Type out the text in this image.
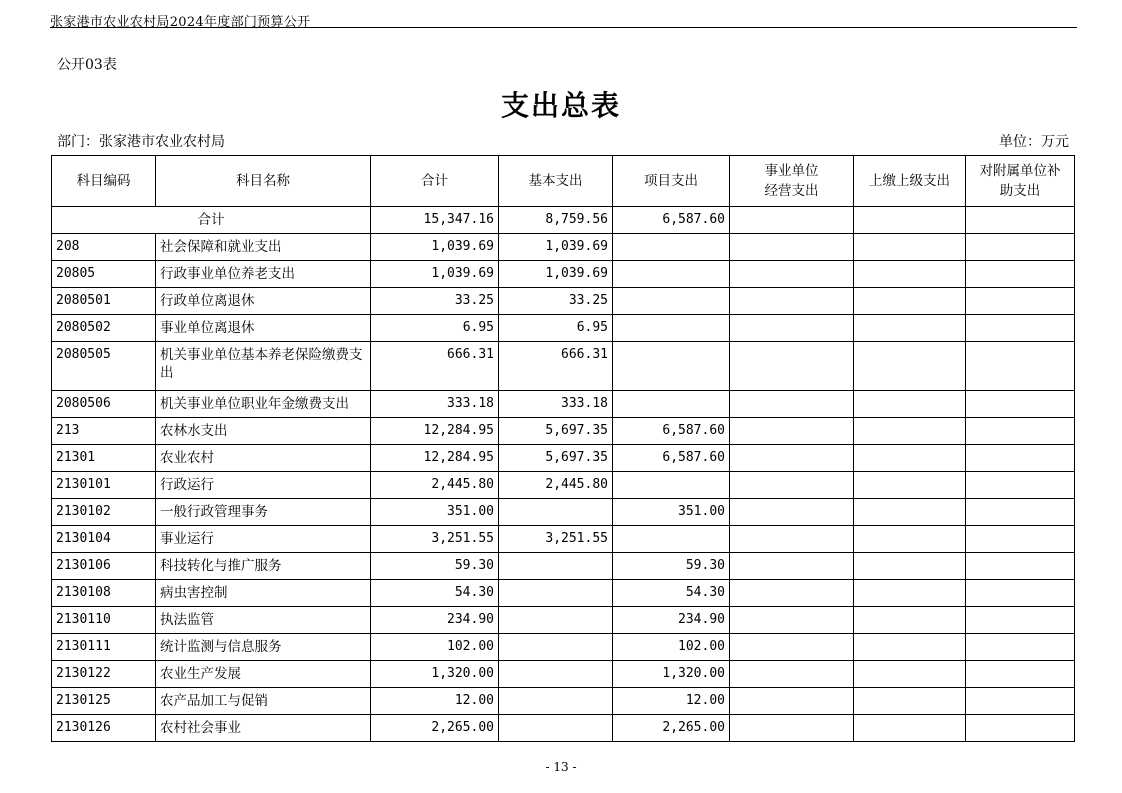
张家港市农业农村局2024年度部门预算公开
公开03表
支出总表
部门：张家港市农业农村局	单位：万元
科目编码	科目名称	合计	基本支出	项目支出	事业单位经营支出	上缴上级支出	对附属单位补助支出
合计		15,347.16	8,759.56	6,587.60			
208	社会保障和就业支出	1,039.69	1,039.69				
20805	行政事业单位养老支出	1,039.69	1,039.69				
2080501	行政单位离退休	33.25	33.25				
2080502	事业单位离退休	6.95	6.95				
2080505	机关事业单位基本养老保险缴费支出	666.31	666.31				
2080506	机关事业单位职业年金缴费支出	333.18	333.18				
213	农林水支出	12,284.95	5,697.35	6,587.60			
21301	农业农村	12,284.95	5,697.35	6,587.60			
2130101	行政运行	2,445.80	2,445.80				
2130102	一般行政管理事务	351.00		351.00			
2130104	事业运行	3,251.55	3,251.55				
2130106	科技转化与推广服务	59.30		59.30			
2130108	病虫害控制	54.30		54.30			
2130110	执法监管	234.90		234.90			
2130111	统计监测与信息服务	102.00		102.00			
2130122	农业生产发展	1,320.00		1,320.00			
2130125	农产品加工与促销	12.00		12.00			
2130126	农村社会事业	2,265.00		2,265.00			
- 13 -
